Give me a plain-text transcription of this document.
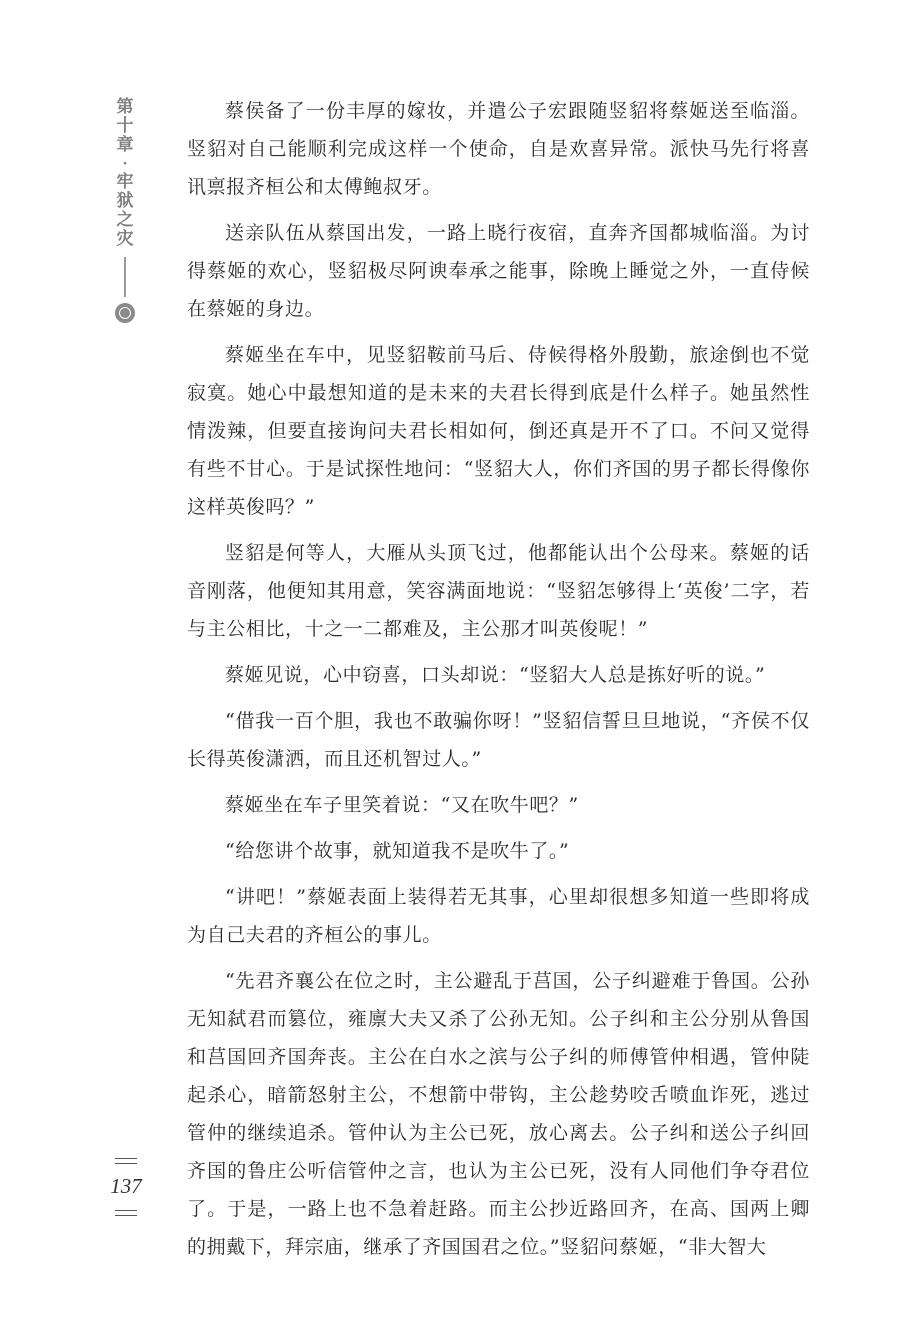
第
十
章
·
牢
狱
之
灾

蔡侯备了一份丰厚的嫁妆，并遣公子宏跟随竖貂将蔡姬送至临淄。竖貂对自己能顺利完成这样一个使命，自是欢喜异常。派快马先行将喜讯禀报齐桓公和太傅鲍叔牙。

送亲队伍从蔡国出发，一路上晓行夜宿，直奔齐国都城临淄。为讨得蔡姬的欢心，竖貂极尽阿谀奉承之能事，除晚上睡觉之外，一直侍候在蔡姬的身边。

蔡姬坐在车中，见竖貂鞍前马后、侍候得格外殷勤，旅途倒也不觉寂寞。她心中最想知道的是未来的夫君长得到底是什么样子。她虽然性情泼辣，但要直接询问夫君长相如何，倒还真是开不了口。不问又觉得有些不甘心。于是试探性地问：“竖貂大人，你们齐国的男子都长得像你这样英俊吗？”

竖貂是何等人，大雁从头顶飞过，他都能认出个公母来。蔡姬的话音刚落，他便知其用意，笑容满面地说：“竖貂怎够得上‘英俊’二字，若与主公相比，十之一二都难及，主公那才叫英俊呢！”

蔡姬见说，心中窃喜，口头却说：“竖貂大人总是拣好听的说。”

“借我一百个胆，我也不敢骗你呀！”竖貂信誓旦旦地说，“齐侯不仅长得英俊潇洒，而且还机智过人。”

蔡姬坐在车子里笑着说：“又在吹牛吧？”

“给您讲个故事，就知道我不是吹牛了。”

“讲吧！”蔡姬表面上装得若无其事，心里却很想多知道一些即将成为自己夫君的齐桓公的事儿。

“先君齐襄公在位之时，主公避乱于莒国，公子纠避难于鲁国。公孙无知弑君而篡位，雍廪大夫又杀了公孙无知。公子纠和主公分别从鲁国和莒国回齐国奔丧。主公在白水之滨与公子纠的师傅管仲相遇，管仲陡起杀心，暗箭怒射主公，不想箭中带钩，主公趁势咬舌喷血诈死，逃过管仲的继续追杀。管仲认为主公已死，放心离去。公子纠和送公子纠回齐国的鲁庄公听信管仲之言，也认为主公已死，没有人同他们争夺君位了。于是，一路上也不急着赶路。而主公抄近路回齐，在高、国两上卿的拥戴下，拜宗庙，继承了齐国国君之位。”竖貂问蔡姬，“非大智大

137
